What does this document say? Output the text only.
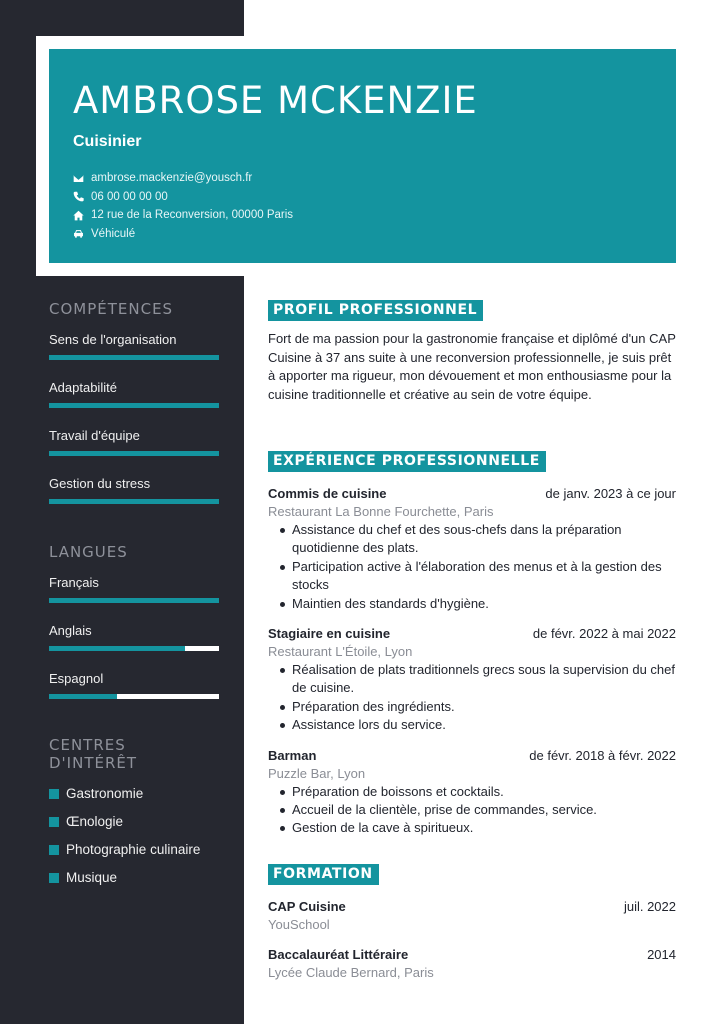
AMBROSE MCKENZIE
Cuisinier
ambrose.mackenzie@yousch.fr
06 00 00 00 00
12 rue de la Reconversion, 00000 Paris
Véhiculé
COMPÉTENCES
Sens de l'organisation
Adaptabilité
Travail d'équipe
Gestion du stress
LANGUES
Français
Anglais
Espagnol
CENTRES D'INTÉRÊT
Gastronomie
Œnologie
Photographie culinaire
Musique
PROFIL PROFESSIONNEL

Fort de ma passion pour la gastronomie française et diplômé d'un CAP Cuisine à 37 ans suite à une reconversion professionnelle, je suis prêt à apporter ma rigueur, mon dévouement et mon enthousiasme pour la cuisine traditionnelle et créative au sein de votre équipe.

EXPÉRIENCE PROFESSIONNELLE
Commis de cuisine	de janv. 2023 à ce jour
Restaurant La Bonne Fourchette, Paris
Assistance du chef et des sous-chefs dans la préparation quotidienne des plats.
Participation active à l'élaboration des menus et à la gestion des stocks
Maintien des standards d'hygiène.
Stagiaire en cuisine	de févr. 2022 à mai 2022
Restaurant L'Étoile, Lyon
Réalisation de plats traditionnels grecs sous la supervision du chef de cuisine.
Préparation des ingrédients.
Assistance lors du service.
Barman	de févr. 2018 à févr. 2022
Puzzle Bar, Lyon
Préparation de boissons et cocktails.
Accueil de la clientèle, prise de commandes, service.
Gestion de la cave à spiritueux.
FORMATION
CAP Cuisine	juil. 2022
YouSchool
Baccalauréat Littéraire	2014
Lycée Claude Bernard, Paris
